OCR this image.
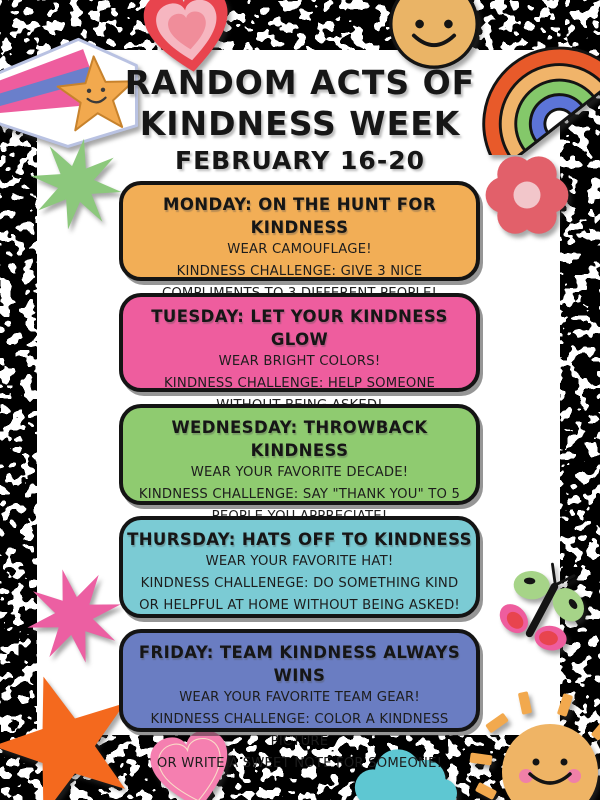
RANDOM ACTS OF
KINDNESS WEEK
FEBRUARY 16-20
MONDAY: ON THE HUNT FOR KINDNESS
WEAR CAMOUFLAGE!
KINDNESS CHALLENGE: GIVE 3 NICE
TUESDAY: LET YOUR KINDNESS GLOW
WEAR BRIGHT COLORS!
KINDNESS CHALLENGE: HELP SOMEONE
WEDNESDAY: THROWBACK KINDNESS
WEAR YOUR FAVORITE DECADE!
KINDNESS CHALLENGE: SAY "THANK YOU" TO 5
THURSDAY: HATS OFF TO KINDNESS
WEAR YOUR FAVORITE HAT!
KINDNESS CHALLENEGE: DO SOMETHING KIND
OR HELPFUL AT HOME WITHOUT BEING ASKED!
FRIDAY: TEAM KINDNESS ALWAYS WINS
WEAR YOUR FAVORITE TEAM GEAR!
KINDNESS CHALLENGE: COLOR A KINDNESS PICTURE
OR WRITE A SWEET NOTE FOR SOMEONE!
